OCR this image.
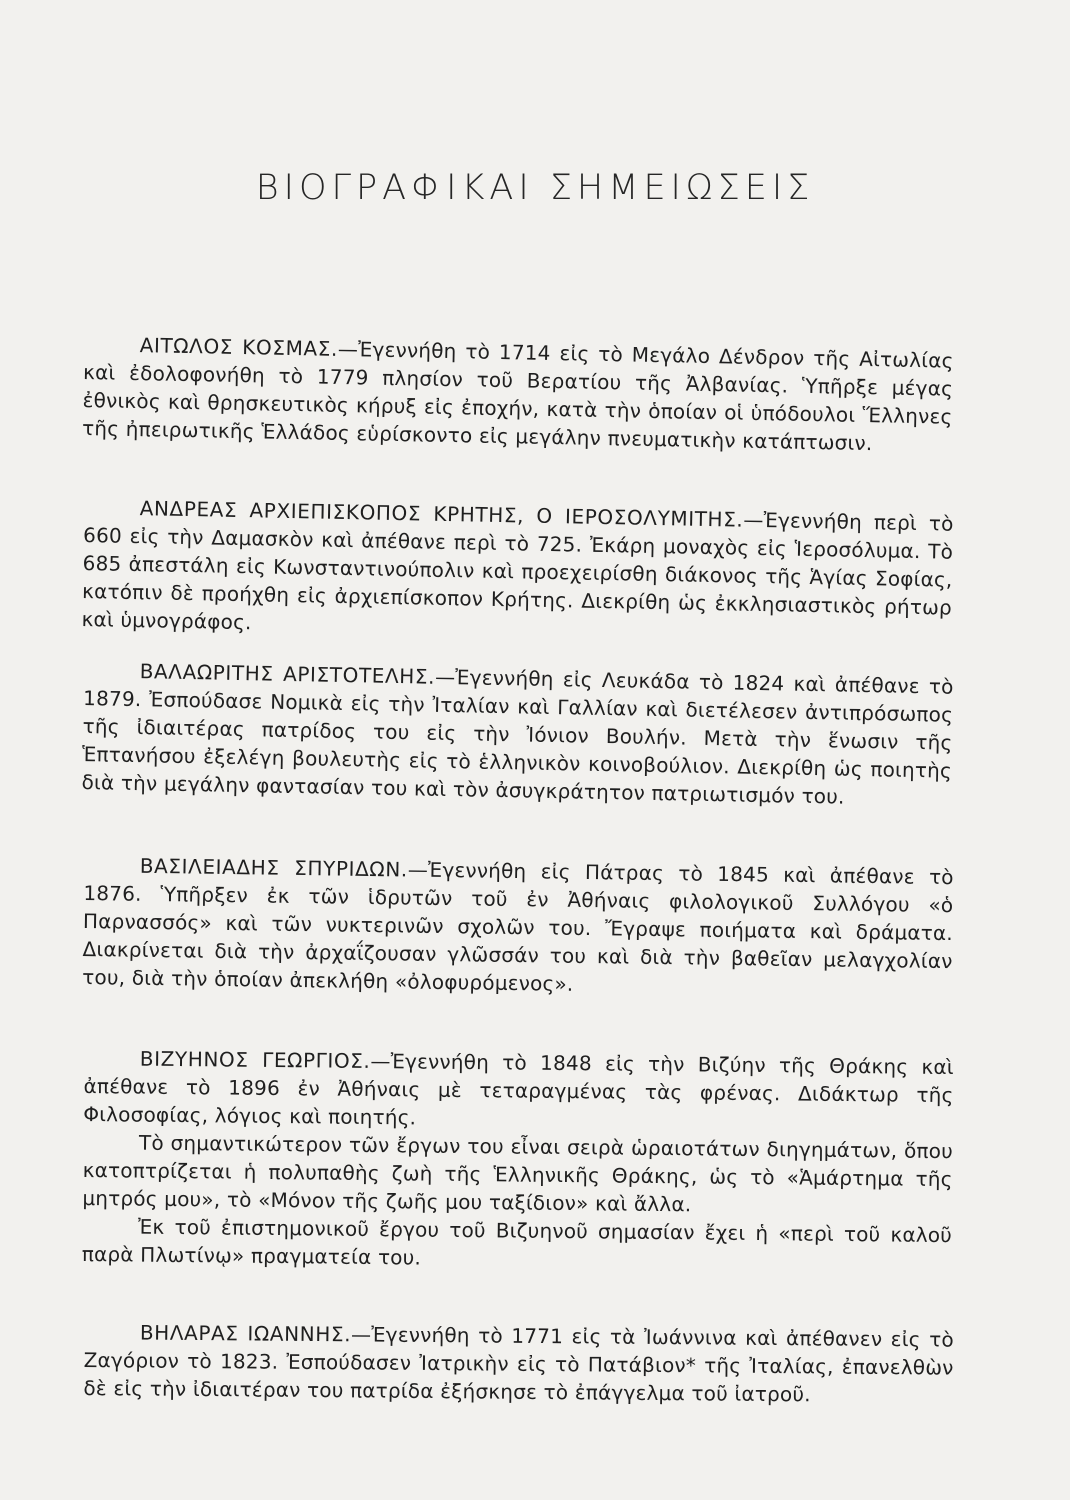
ΒΙΟΓΡΑΦΙΚΑΙ ΣΗΜΕΙΩΣΕΙΣ

ΑΙΤΩΛΟΣ ΚΟΣΜΑΣ.—Ἐγεννήθη τὸ 1714 εἰς τὸ Μεγάλο Δένδρον τῆς Αἰτωλίας καὶ ἐδολοφονήθη τὸ 1779 πλησίον τοῦ Βερατίου τῆς Ἀλβανίας. Ὑπῆρξε μέγας ἐθνικὸς καὶ θρησκευτικὸς κήρυξ εἰς ἐποχήν, κατὰ τὴν ὁποίαν οἱ ὑπόδουλοι Ἕλληνες τῆς ἠπειρωτικῆς Ἑλλάδος εὑρίσκοντο εἰς μεγάλην πνευματικὴν κατάπτωσιν.

ΑΝΔΡΕΑΣ ΑΡΧΙΕΠΙΣΚΟΠΟΣ ΚΡΗΤΗΣ, Ο ΙΕΡΟΣΟΛΥΜΙΤΗΣ.—Ἐγεννήθη περὶ τὸ 660 εἰς τὴν Δαμασκὸν καὶ ἀπέθανε περὶ τὸ 725. Ἐκάρη μοναχὸς εἰς Ἱεροσόλυμα. Τὸ 685 ἀπεστάλη εἰς Κωνσταντινούπολιν καὶ προεχειρίσθη διάκονος τῆς Ἁγίας Σοφίας, κατόπιν δὲ προήχθη εἰς ἀρχιεπίσκοπον Κρήτης. Διεκρίθη ὡς ἐκκλησιαστικὸς ρήτωρ καὶ ὑμνογράφος.

ΒΑΛΑΩΡΙΤΗΣ ΑΡΙΣΤΟΤΕΛΗΣ.—Ἐγεννήθη εἰς Λευκάδα τὸ 1824 καὶ ἀπέθανε τὸ 1879. Ἐσπούδασε Νομικὰ εἰς τὴν Ἰταλίαν καὶ Γαλλίαν καὶ διετέλεσεν ἀντιπρόσωπος τῆς ἰδιαιτέρας πατρίδος του εἰς τὴν Ἰόνιον Βουλήν. Μετὰ τὴν ἕνωσιν τῆς Ἑπτανήσου ἐξελέγη βουλευτὴς εἰς τὸ ἑλληνικὸν κοινοβούλιον. Διεκρίθη ὡς ποιητὴς διὰ τὴν μεγάλην φαντασίαν του καὶ τὸν ἀσυγκράτητον πατριωτισμόν του.

ΒΑΣΙΛΕΙΑΔΗΣ ΣΠΥΡΙΔΩΝ.—Ἐγεννήθη εἰς Πάτρας τὸ 1845 καὶ ἀπέθανε τὸ 1876. Ὑπῆρξεν ἐκ τῶν ἱδρυτῶν τοῦ ἐν Ἀθήναις φιλολογικοῦ Συλλόγου «ὁ Παρνασσός» καὶ τῶν νυκτερινῶν σχολῶν του. Ἔγραψε ποιήματα καὶ δράματα. Διακρίνεται διὰ τὴν ἀρχαΐζουσαν γλῶσσάν του καὶ διὰ τὴν βαθεῖαν μελαγχολίαν του, διὰ τὴν ὁποίαν ἀπεκλήθη «ὀλοφυρόμενος».

ΒΙΖΥΗΝΟΣ ΓΕΩΡΓΙΟΣ.—Ἐγεννήθη τὸ 1848 εἰς τὴν Βιζύην τῆς Θράκης καὶ ἀπέθανε τὸ 1896 ἐν Ἀθήναις μὲ τεταραγμένας τὰς φρένας. Διδάκτωρ τῆς Φιλοσοφίας, λόγιος καὶ ποιητής.

Τὸ σημαντικώτερον τῶν ἔργων του εἶναι σειρὰ ὡραιοτάτων διηγημάτων, ὅπου κατοπτρίζεται ἡ πολυπαθὴς ζωὴ τῆς Ἑλληνικῆς Θράκης, ὡς τὸ «Ἁμάρτημα τῆς μητρός μου», τὸ «Μόνον τῆς ζωῆς μου ταξίδιον» καὶ ἄλλα.

Ἐκ τοῦ ἐπιστημονικοῦ ἔργου τοῦ Βιζυηνοῦ σημασίαν ἔχει ἡ «περὶ τοῦ καλοῦ παρὰ Πλωτίνῳ» πραγματεία του.

ΒΗΛΑΡΑΣ ΙΩΑΝΝΗΣ.—Ἐγεννήθη τὸ 1771 εἰς τὰ Ἰωάννινα καὶ ἀπέθανεν εἰς τὸ Ζαγόριον τὸ 1823. Ἐσπούδασεν Ἰατρικὴν εἰς τὸ Πατάβιον* τῆς Ἰταλίας, ἐπανελθὼν δὲ εἰς τὴν ἰδιαιτέραν του πατρίδα ἐξήσκησε τὸ ἐπάγγελμα τοῦ ἰατροῦ.
